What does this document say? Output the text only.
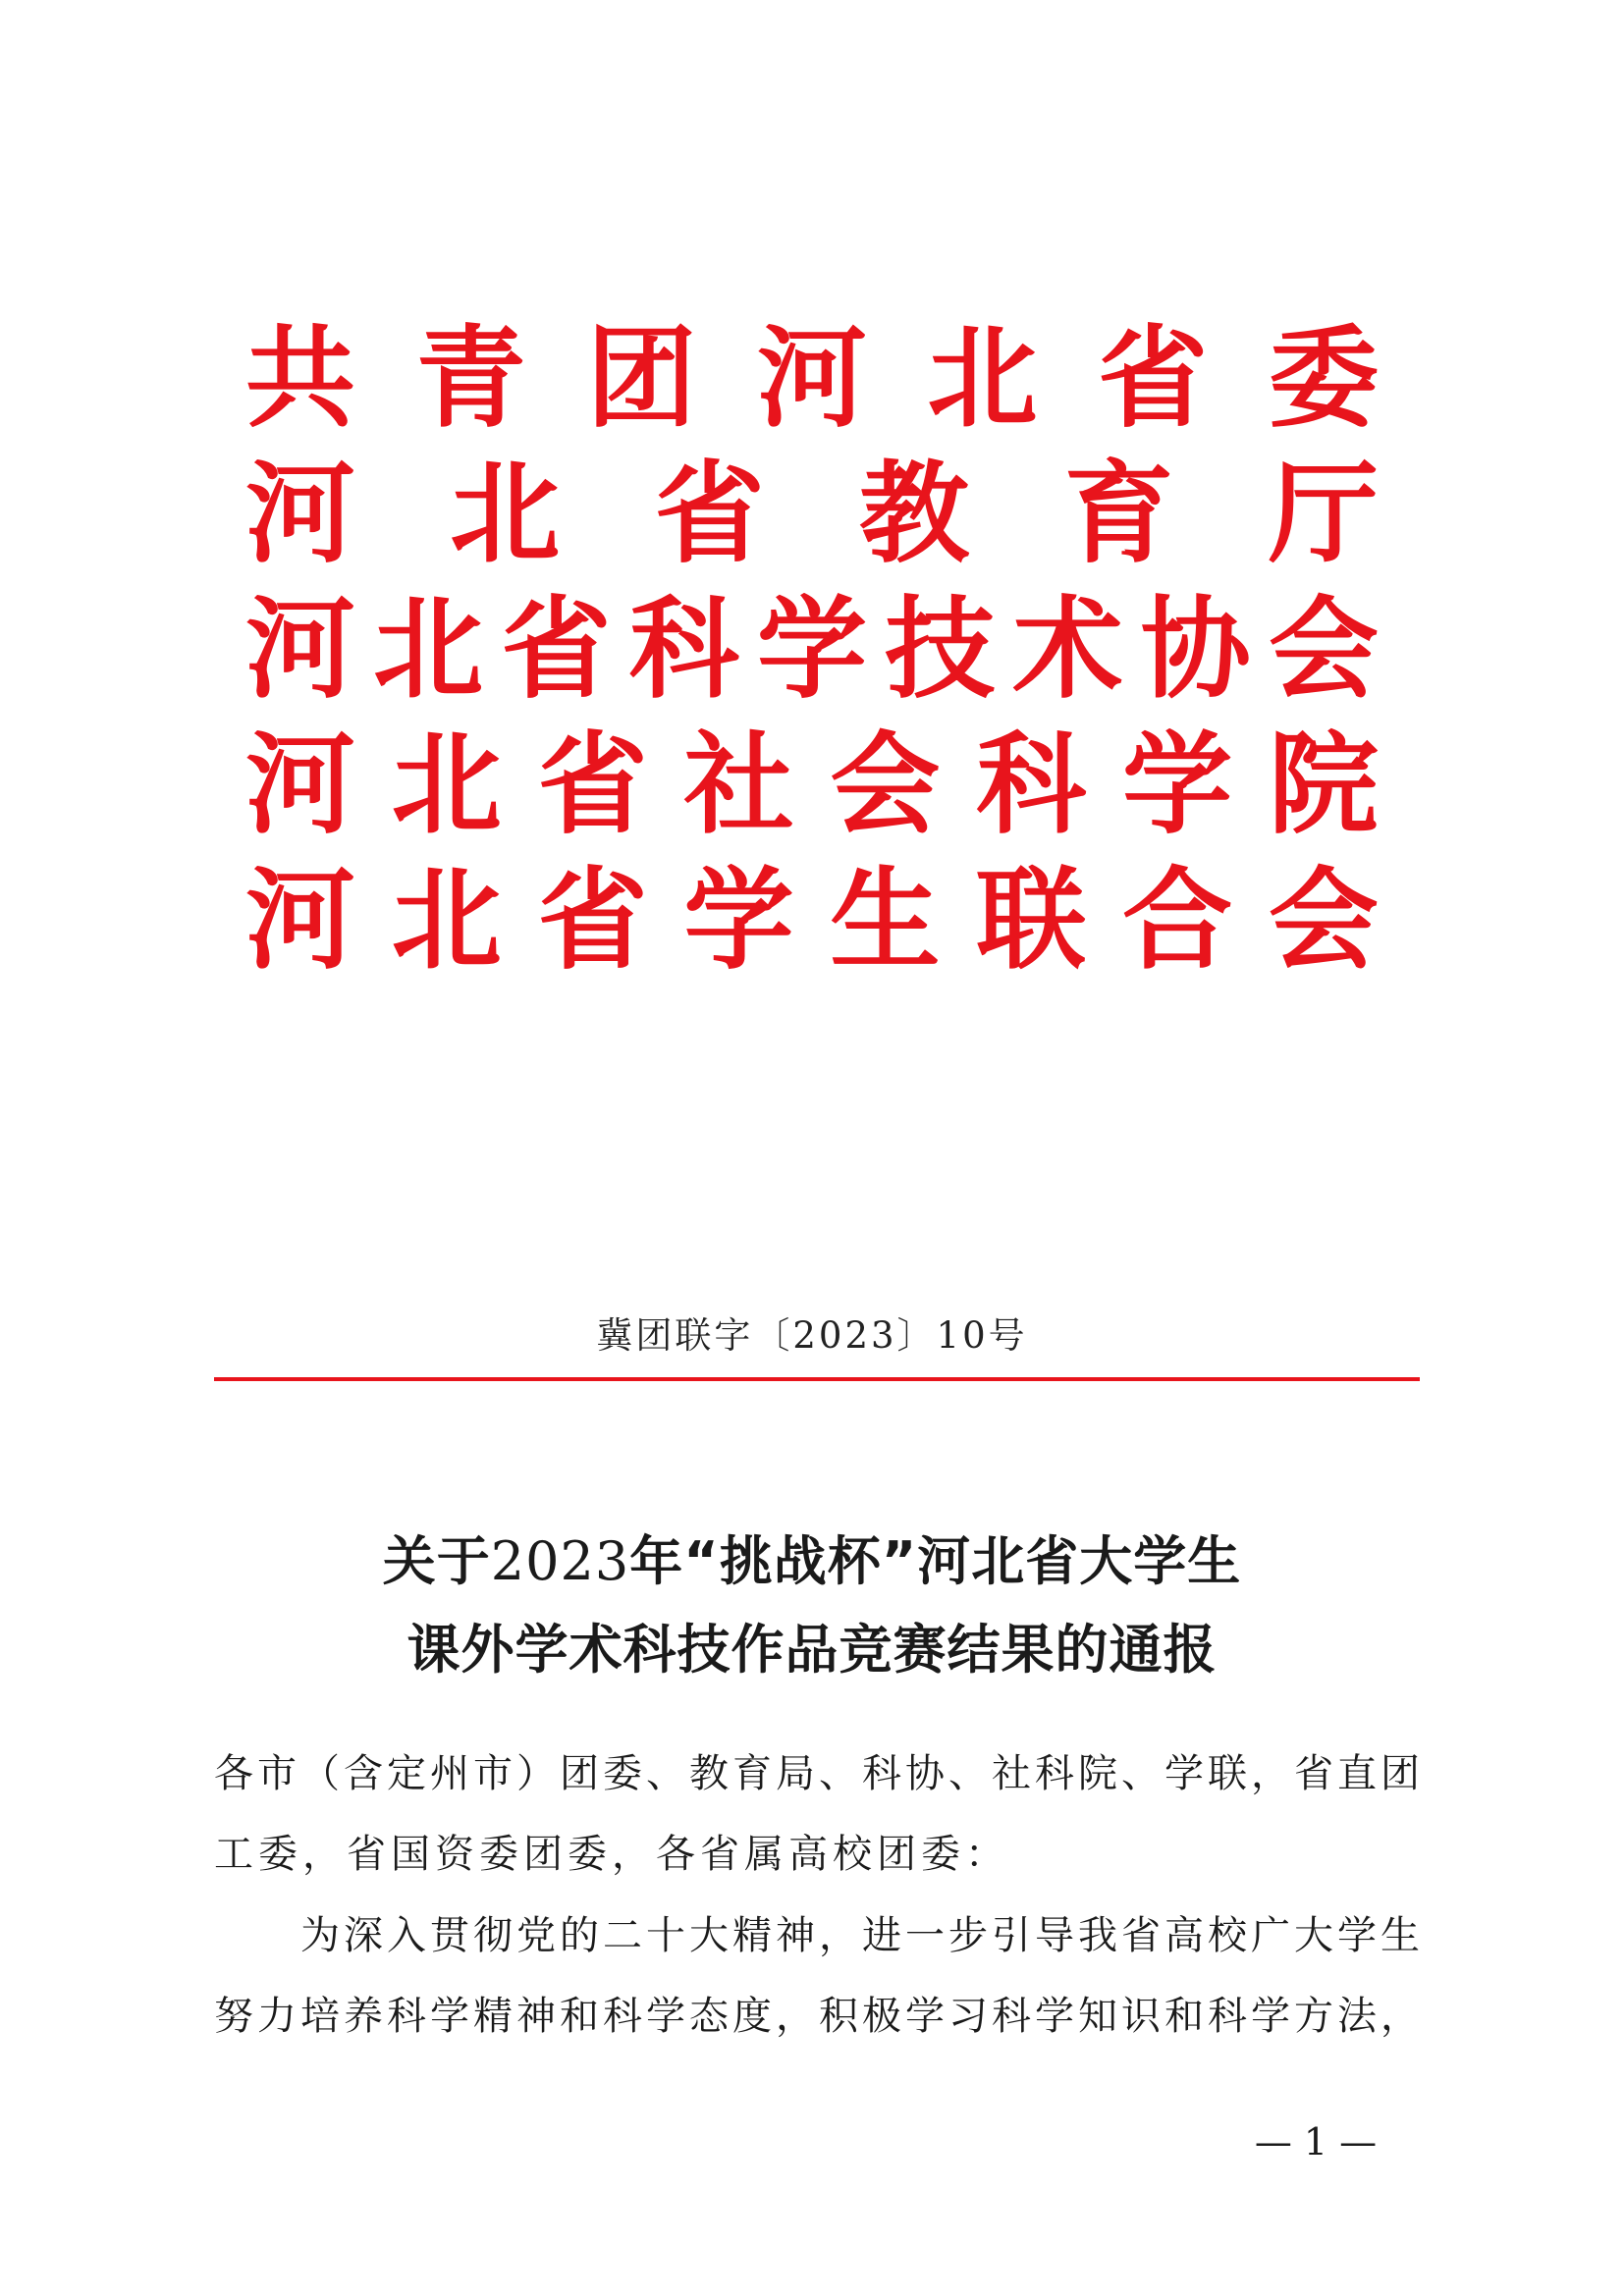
共 青 团 河 北 省 委
河 北 省 教 育 厅
河 北 省 科 学 技 术 协 会
河 北 省 社 会 科 学 院
河 北 省 学 生 联 合 会
冀团联字〔2023〕10号
关于2023年“挑战杯”河北省大学生
课外学术科技作品竞赛结果的通报
各 市 （ 含 定 州 市 ） 团 委 、 教 育 局 、 科 协 、 社 科 院 、 学 联 ， 省 直 团
工委，省国资委团委，各省属高校团委：
为 深 入 贯 彻 党 的 二 十 大 精 神 ， 进 一 步 引 导 我 省 高 校 广 大 学 生
努 力 培 养 科 学 精 神 和 科 学 态 度 ， 积 极 学 习 科 学 知 识 和 科 学 方 法 ，
— 1 —
